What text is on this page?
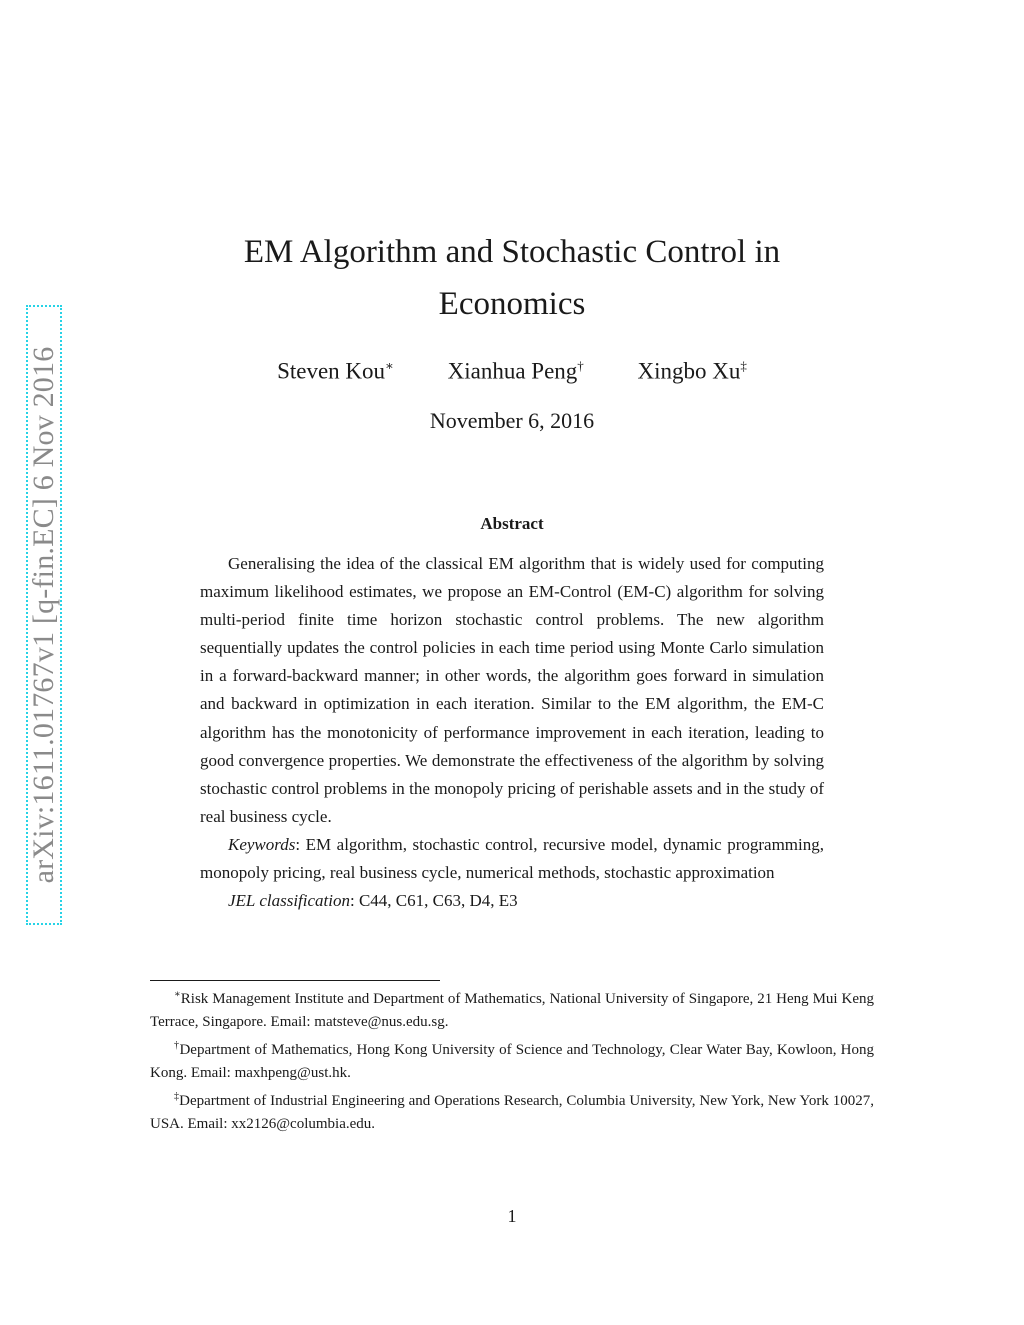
arXiv:1611.01767v1 [q-fin.EC] 6 Nov 2016
EM Algorithm and Stochastic Control in
Economics
Steven Kou∗ Xianhua Peng† Xingbo Xu‡
November 6, 2016
Abstract

Generalising the idea of the classical EM algorithm that is widely used for computing maximum likelihood estimates, we propose an EM-Control (EM-C) algorithm for solving multi-period finite time horizon stochastic control problems. The new algorithm sequentially updates the control policies in each time period using Monte Carlo simulation in a forward-backward manner; in other words, the algorithm goes forward in simulation and backward in optimization in each iteration. Similar to the EM algorithm, the EM-C algorithm has the monotonicity of performance improvement in each iteration, leading to good convergence properties. We demonstrate the effectiveness of the algorithm by solving stochastic control problems in the monopoly pricing of perishable assets and in the study of real business cycle.

Keywords: EM algorithm, stochastic control, recursive model, dynamic programming, monopoly pricing, real business cycle, numerical methods, stochastic approximation

JEL classification: C44, C61, C63, D4, E3

∗Risk Management Institute and Department of Mathematics, National University of Singapore, 21 Heng Mui Keng Terrace, Singapore. Email: matsteve@nus.edu.sg.

†Department of Mathematics, Hong Kong University of Science and Technology, Clear Water Bay, Kowloon, Hong Kong. Email: maxhpeng@ust.hk.

‡Department of Industrial Engineering and Operations Research, Columbia University, New York, New York 10027, USA. Email: xx2126@columbia.edu.

1
